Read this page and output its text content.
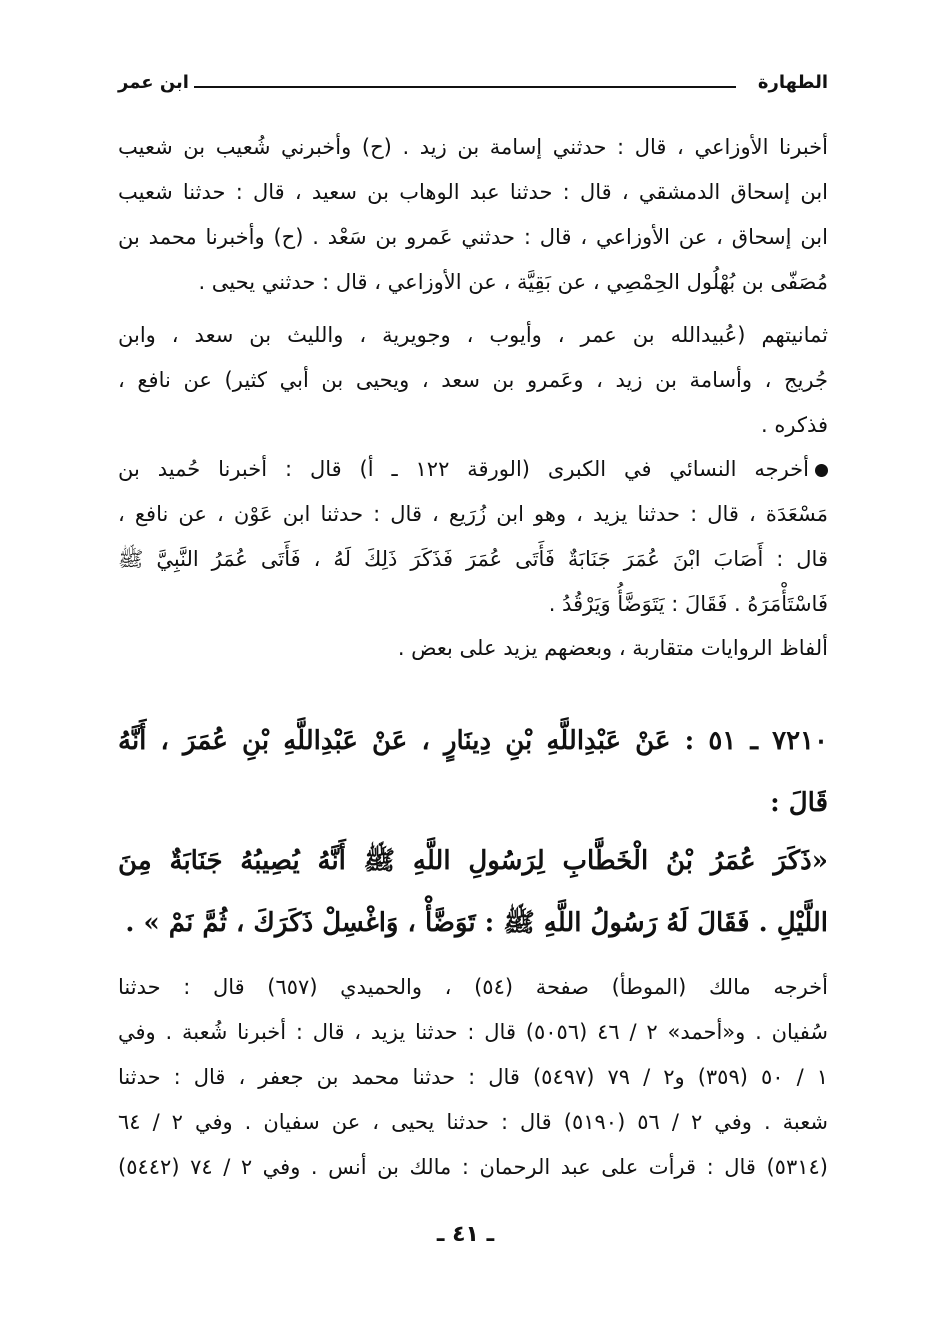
الطهارة
ابن عمر
أخبرنا الأوزاعي ، قال : حدثني إسامة بن زيد . (ح) وأخبرني شُعيب بن شعيب
ابن إسحاق الدمشقي ، قال : حدثنا عبد الوهاب بن سعيد ، قال : حدثنا شعيب
ابن إسحاق ، عن الأوزاعي ، قال : حدثني عَمرو بن سَعْد . (ح) وأخبرنا محمد بن
مُصَفّى بن بُهْلُول الحِمْصِي ، عن بَقِيَّة ، عن الأوزاعي ، قال : حدثني يحيى .
ثمانيتهم (عُبيدالله بن عمر ، وأيوب ، وجويرية ، والليث بن سعد ، وابن
جُريج ، وأسامة بن زيد ، وعَمرو بن سعد ، ويحيى بن أبي كثير) عن نافع ،
فذكره .
أخرجه النسائي في الكبرى (الورقة ١٢٢ ـ أ) قال : أخبرنا حُميد بن
مَسْعَدَة ، قال : حدثنا يزيد ، وهو ابن زُرَيع ، قال : حدثنا ابن عَوْن ، عن نافع ،
قال : أَصَابَ ابْنَ عُمَرَ جَنَابَةٌ فَأَتَى عُمَرَ فَذَكَرَ ذَلِكَ لَهُ ، فَأَتَى عُمَرُ النَّبِيَّ ﷺ
فَاسْتَأْمَرَهُ . فَقَالَ : يَتَوَضَّأُ وَيَرْقُدُ .
ألفاظ الروايات متقاربة ، وبعضهم يزيد على بعض .
٧٢١٠ ـ ٥١ : عَنْ عَبْدِاللَّهِ بْنِ دِينَارٍ ، عَنْ عَبْدِاللَّهِ بْنِ عُمَرَ ، أَنَّهُ
قَالَ :
«ذَكَرَ عُمَرُ بْنُ الْخَطَّابِ لِرَسُولِ اللَّهِ ﷺ أَنَّهُ يُصِيبُهُ جَنَابَةٌ مِنَ
اللَّيْلِ . فَقَالَ لَهُ رَسُولُ اللَّهِ ﷺ : تَوَضَّأْ ، وَاغْسِلْ ذَكَرَكَ ، ثُمَّ نَمْ » .
أخرجه مالك (الموطأ) صفحة (٥٤) ، والحميدي (٦٥٧) قال : حدثنا
سُفيان . و«أحمد» ٢ / ٤٦ (٥٠٥٦) قال : حدثنا يزيد ، قال : أخبرنا شُعبة . وفي
١ / ٥٠ (٣٥٩) و٢ / ٧٩ (٥٤٩٧) قال : حدثنا محمد بن جعفر ، قال : حدثنا
شعبة . وفي ٢ / ٥٦ (٥١٩٠) قال : حدثنا يحيى ، عن سفيان . وفي ٢ / ٦٤
(٥٣١٤) قال : قرأت على عبد الرحمان : مالك بن أنس . وفي ٢ / ٧٤ (٥٤٤٢)
ـ ٤١ ـ
